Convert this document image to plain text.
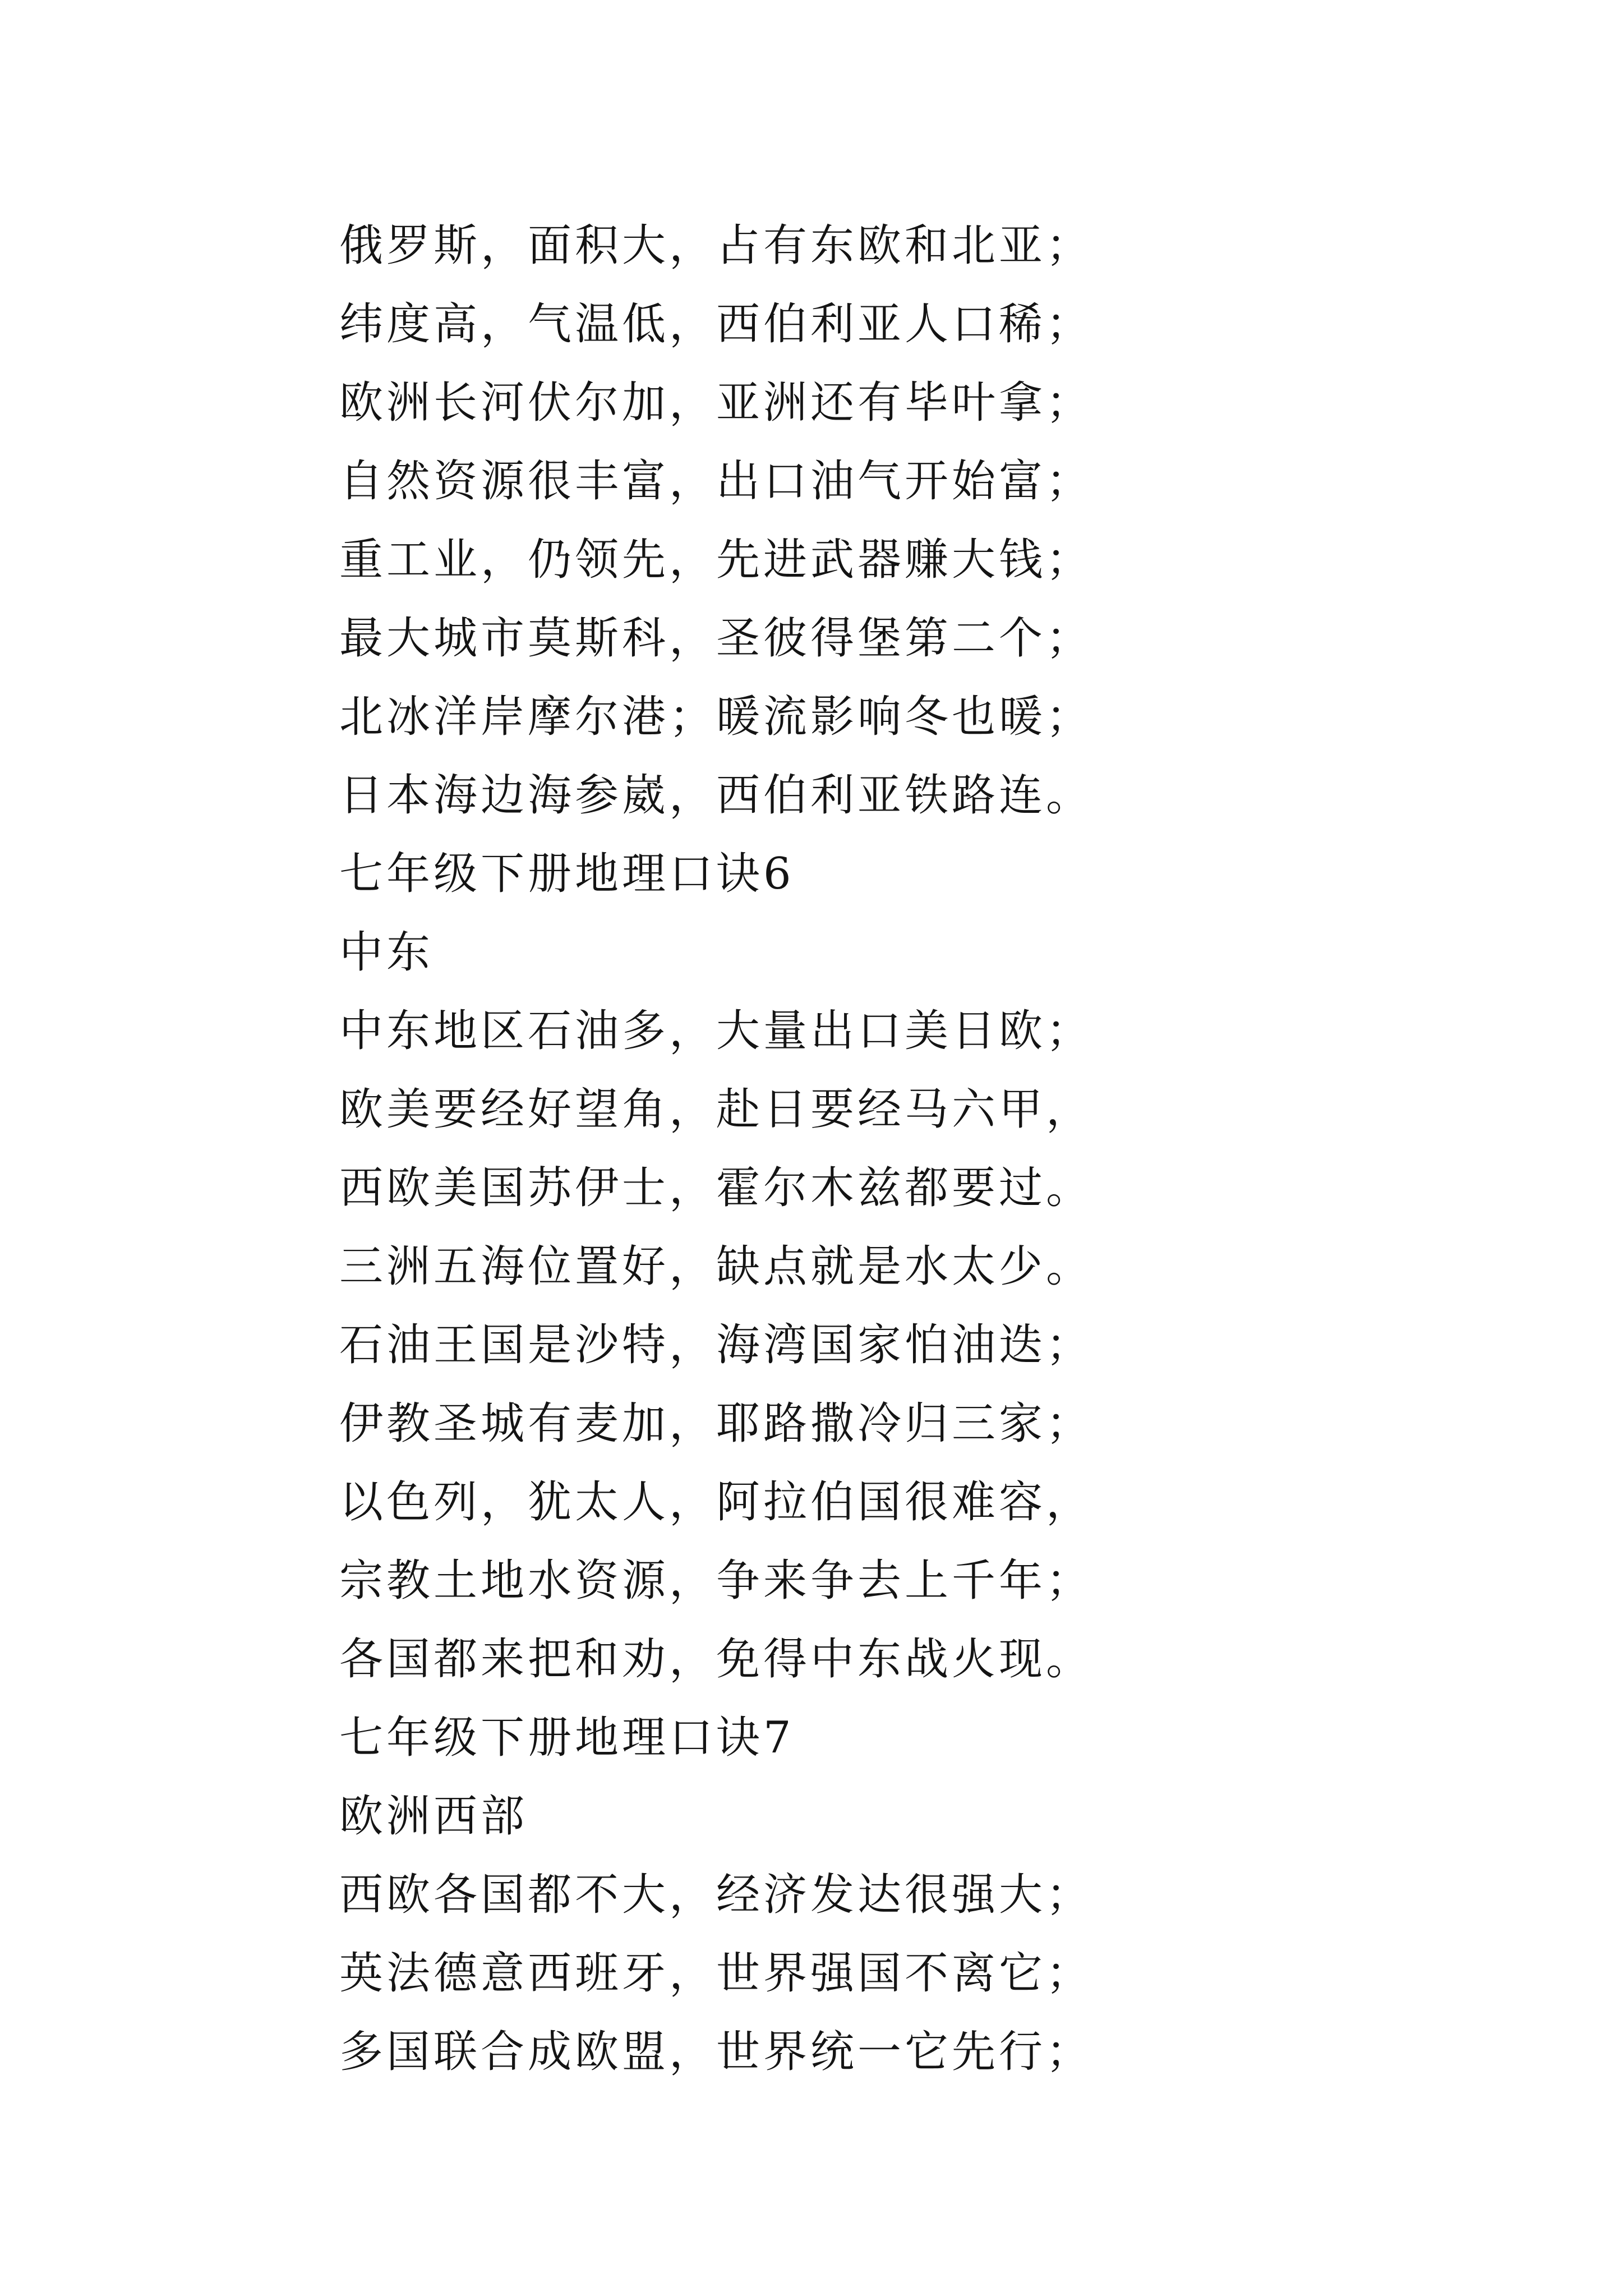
俄罗斯，面积大，占有东欧和北亚；
纬度高，气温低，西伯利亚人口稀；
欧洲长河伏尔加，亚洲还有毕叶拿；
自然资源很丰富，出口油气开始富；
重工业，仍领先，先进武器赚大钱；
最大城市莫斯科，圣彼得堡第二个；
北冰洋岸摩尔港；暖流影响冬也暖；
日本海边海参崴，西伯利亚铁路连。
七年级下册地理口诀6
中东
中东地区石油多，大量出口美日欧；
欧美要经好望角，赴日要经马六甲，
西欧美国苏伊士，霍尔木兹都要过。
三洲五海位置好，缺点就是水太少。
石油王国是沙特，海湾国家怕油迭；
伊教圣城有麦加，耶路撒冷归三家；
以色列，犹太人，阿拉伯国很难容，
宗教土地水资源，争来争去上千年；
各国都来把和劝，免得中东战火现。
七年级下册地理口诀7
欧洲西部
西欧各国都不大，经济发达很强大；
英法德意西班牙，世界强国不离它；
多国联合成欧盟，世界统一它先行；
